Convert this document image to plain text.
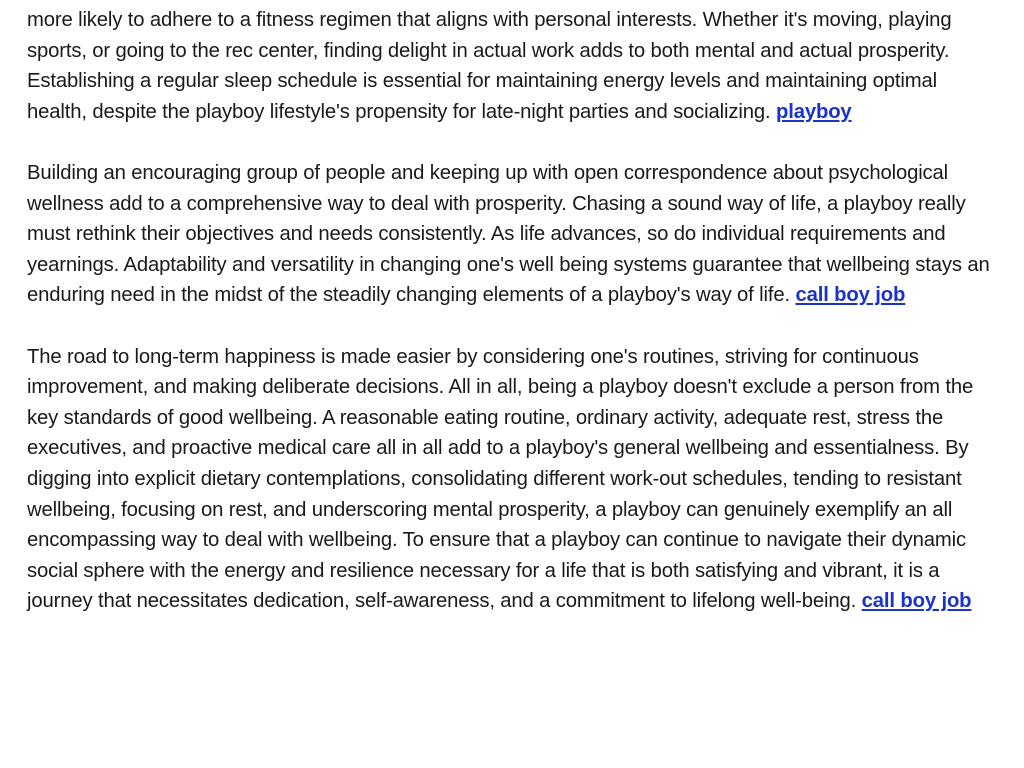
more likely to adhere to a fitness regimen that aligns with personal interests. Whether it's moving, playing sports, or going to the rec center, finding delight in actual work adds to both mental and actual prosperity. Establishing a regular sleep schedule is essential for maintaining energy levels and maintaining optimal health, despite the playboy lifestyle's propensity for late-night parties and socializing. playboy

Building an encouraging group of people and keeping up with open correspondence about psychological wellness add to a comprehensive way to deal with prosperity. Chasing a sound way of life, a playboy really must rethink their objectives and needs consistently. As life advances, so do individual requirements and yearnings. Adaptability and versatility in changing one's well being systems guarantee that wellbeing stays an enduring need in the midst of the steadily changing elements of a playboy's way of life. call boy job

The road to long-term happiness is made easier by considering one's routines, striving for continuous improvement, and making deliberate decisions. All in all, being a playboy doesn't exclude a person from the key standards of good wellbeing. A reasonable eating routine, ordinary activity, adequate rest, stress the executives, and proactive medical care all in all add to a playboy's general wellbeing and essentialness. By digging into explicit dietary contemplations, consolidating different work-out schedules, tending to resistant wellbeing, focusing on rest, and underscoring mental prosperity, a playboy can genuinely exemplify an all encompassing way to deal with wellbeing. To ensure that a playboy can continue to navigate their dynamic social sphere with the energy and resilience necessary for a life that is both satisfying and vibrant, it is a journey that necessitates dedication, self-awareness, and a commitment to lifelong well-being. call boy job
